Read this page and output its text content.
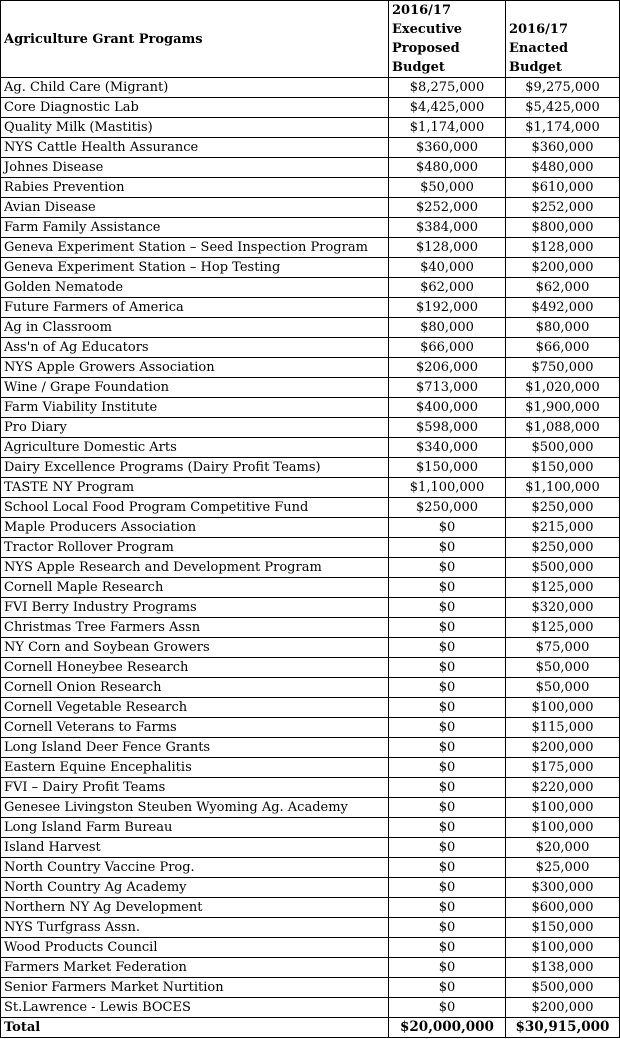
Agriculture Grant Progams	2016/17 Executive Proposed Budget	2016/17 Enacted Budget
Ag. Child Care (Migrant)	$8,275,000	$9,275,000
Core Diagnostic Lab	$4,425,000	$5,425,000
Quality Milk (Mastitis)	$1,174,000	$1,174,000
NYS Cattle Health Assurance	$360,000	$360,000
Johnes Disease	$480,000	$480,000
Rabies Prevention	$50,000	$610,000
Avian Disease	$252,000	$252,000
Farm Family Assistance	$384,000	$800,000
Geneva Experiment Station – Seed Inspection Program	$128,000	$128,000
Geneva Experiment Station – Hop Testing	$40,000	$200,000
Golden Nematode	$62,000	$62,000
Future Farmers of America	$192,000	$492,000
Ag in Classroom	$80,000	$80,000
Ass'n of Ag Educators	$66,000	$66,000
NYS Apple Growers Association	$206,000	$750,000
Wine / Grape Foundation	$713,000	$1,020,000
Farm Viability Institute	$400,000	$1,900,000
Pro Diary	$598,000	$1,088,000
Agriculture Domestic Arts	$340,000	$500,000
Dairy Excellence Programs (Dairy Profit Teams)	$150,000	$150,000
TASTE NY Program	$1,100,000	$1,100,000
School Local Food Program Competitive Fund	$250,000	$250,000
Maple Producers Association	$0	$215,000
Tractor Rollover Program	$0	$250,000
NYS Apple Research and Development Program	$0	$500,000
Cornell Maple Research	$0	$125,000
FVI Berry Industry Programs	$0	$320,000
Christmas Tree Farmers Assn	$0	$125,000
NY Corn and Soybean Growers	$0	$75,000
Cornell Honeybee Research	$0	$50,000
Cornell Onion Research	$0	$50,000
Cornell Vegetable Research	$0	$100,000
Cornell Veterans to Farms	$0	$115,000
Long Island Deer Fence Grants	$0	$200,000
Eastern Equine Encephalitis	$0	$175,000
FVI – Dairy Profit Teams	$0	$220,000
Genesee Livingston Steuben Wyoming Ag. Academy	$0	$100,000
Long Island Farm Bureau	$0	$100,000
Island Harvest	$0	$20,000
North Country Vaccine Prog.	$0	$25,000
North Country Ag Academy	$0	$300,000
Northern NY Ag Development	$0	$600,000
NYS Turfgrass Assn.	$0	$150,000
Wood Products Council	$0	$100,000
Farmers Market Federation	$0	$138,000
Senior Farmers Market Nurtition	$0	$500,000
St.Lawrence - Lewis BOCES	$0	$200,000
Total	$20,000,000	$30,915,000
